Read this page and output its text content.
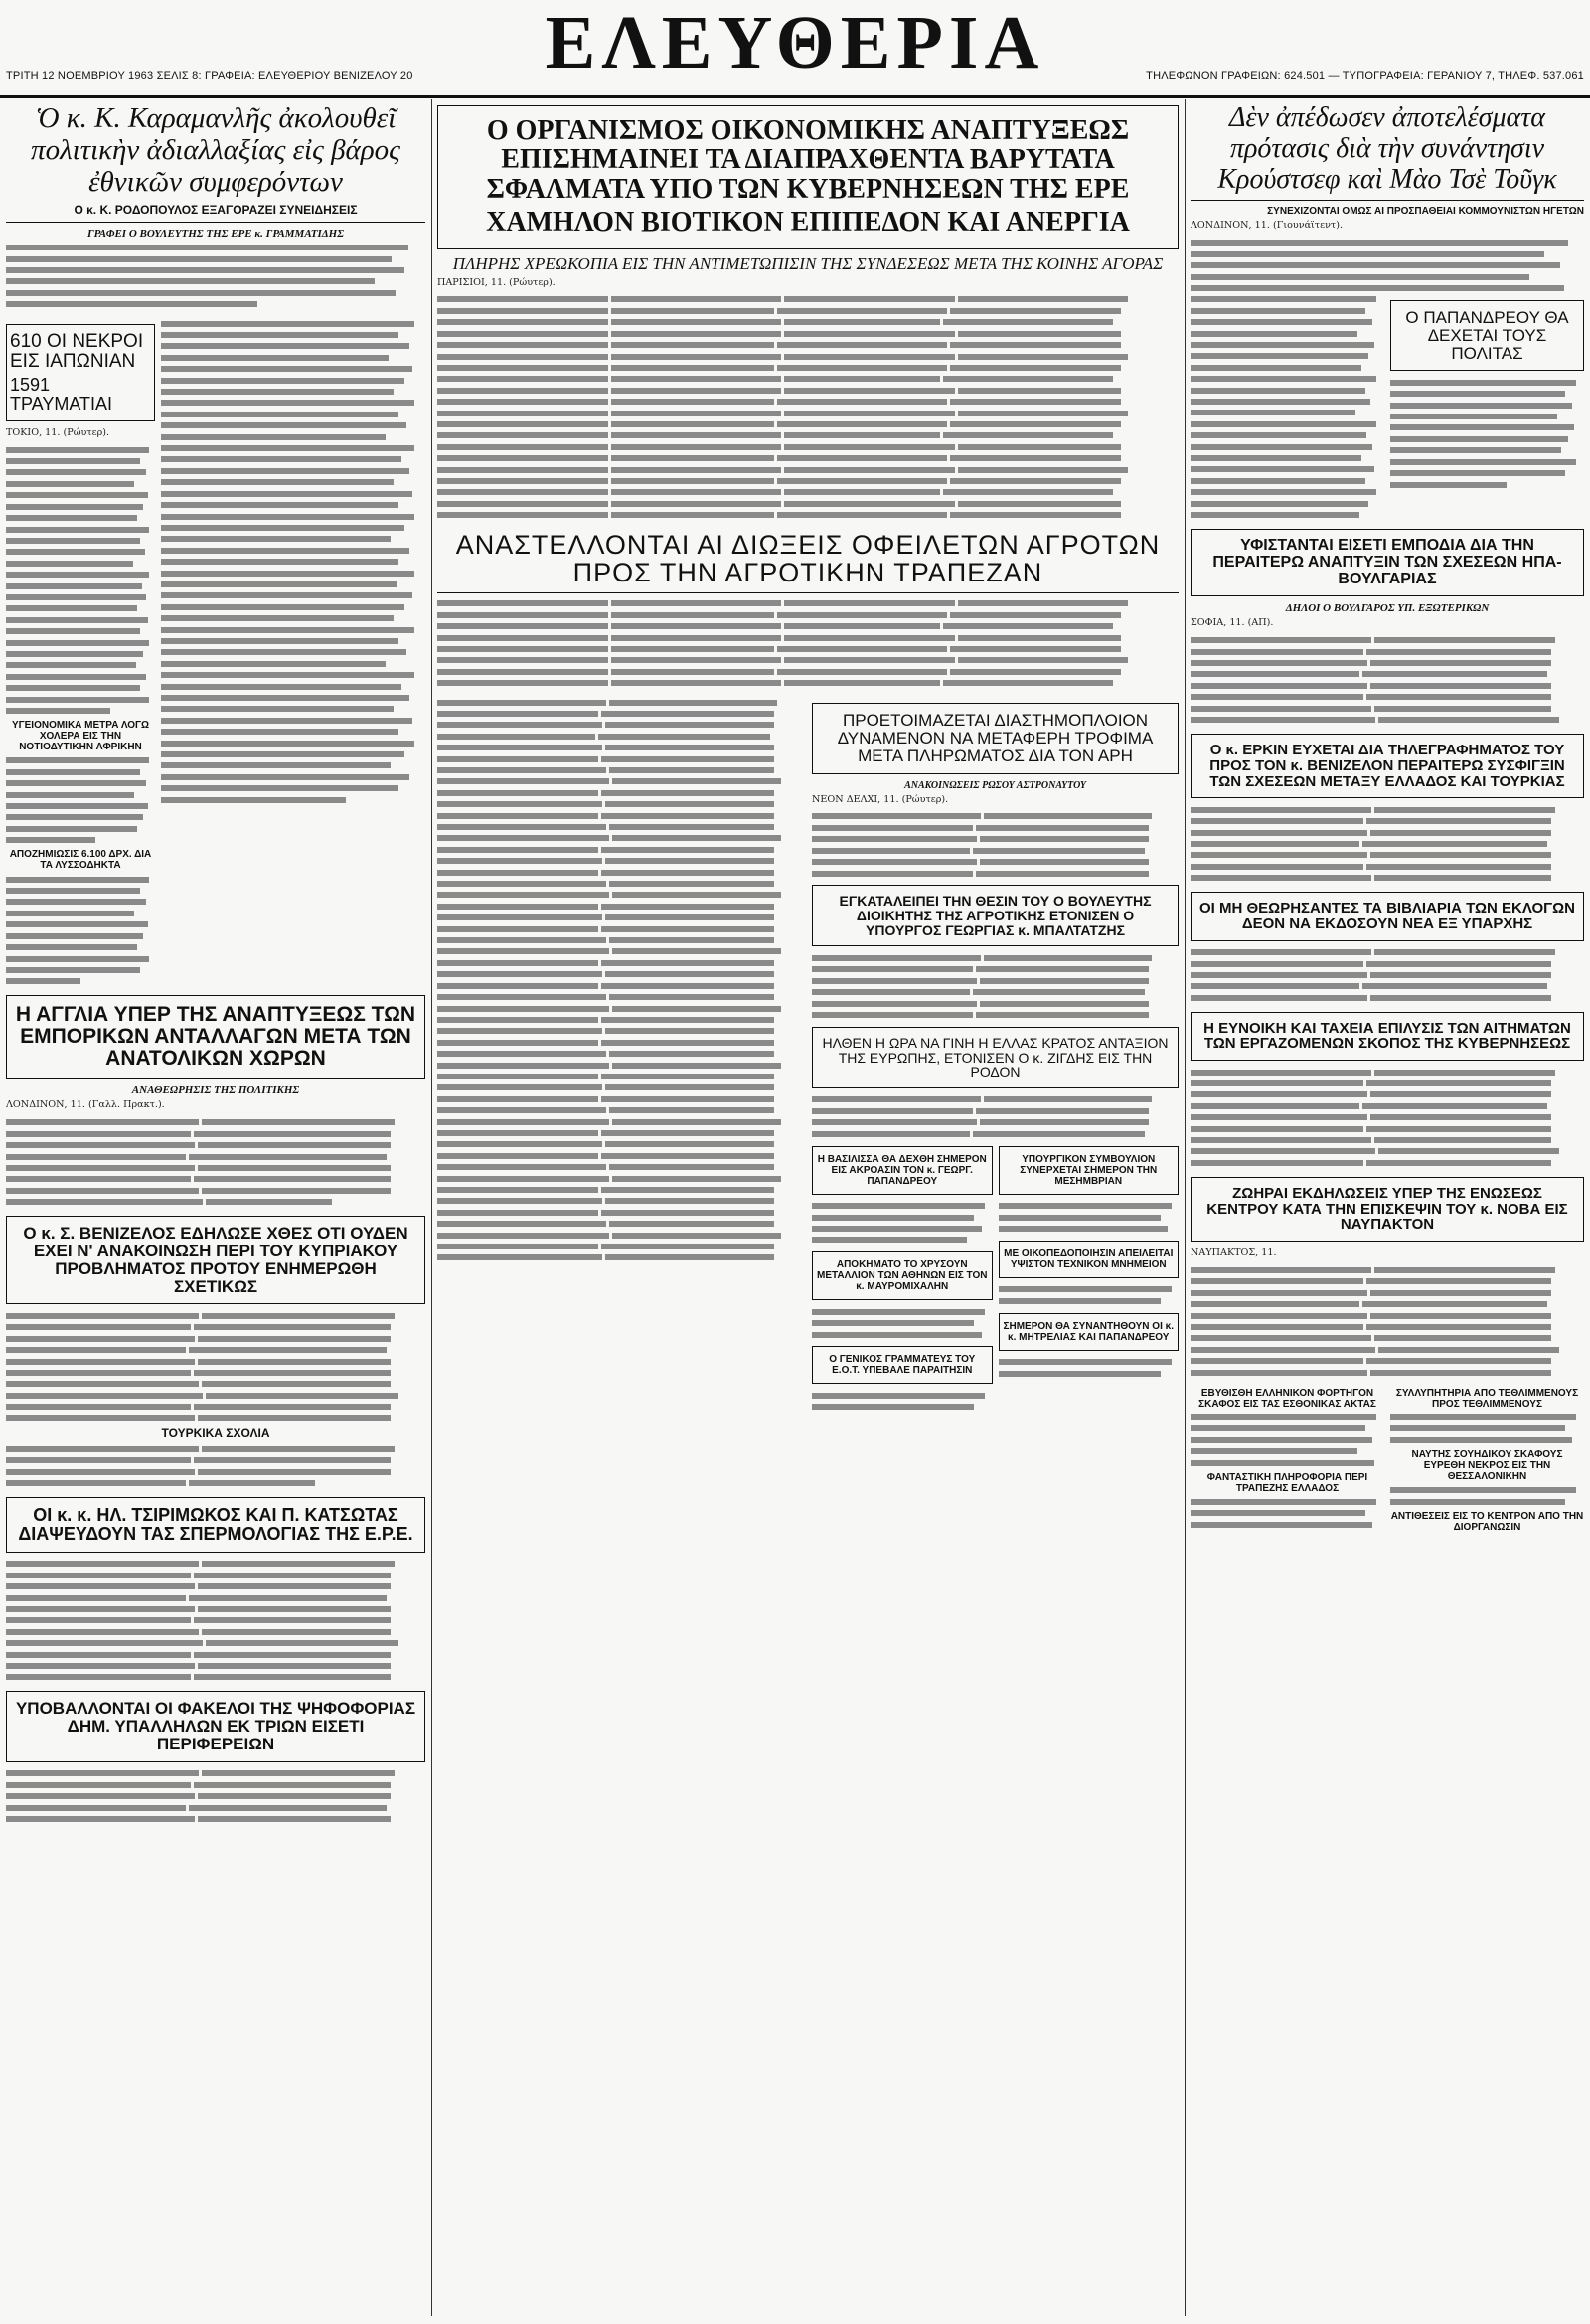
ΕΛΕΥΘΕΡΙΑ
ΤΡΙΤΗ 12 ΝΟΕΜΒΡΙΟΥ 1963 ΣΕΛΙΣ 8: ΓΡΑΦΕΙΑ: ΕΛΕΥΘΕΡΙΟΥ ΒΕΝΙΖΕΛΟΥ 20	ΤΗΛΕΦΩΝΟΝ ΓΡΑΦΕΙΩΝ: 624.501 — ΤΥΠΟΓΡΑΦΕΙΑ: ΓΕΡΑΝΙΟΥ 7, ΤΗΛΕΦ. 537.061
Ὁ κ. Κ. Καραμανλῆς ἀκολουθεῖ πολιτικὴν ἀδιαλλαξίας εἰς βάρος ἐθνικῶν συμφερόντων
Ο κ. Κ. ΡΟΔΟΠΟΥΛΟΣ ΕΞΑΓΟΡΑΖΕΙ ΣΥΝΕΙΔΗΣΕΙΣ
ΓΡΑΦΕΙ Ο ΒΟΥΛΕΥΤΗΣ ΤΗΣ ΕΡΕ κ. ΓΡΑΜΜΑΤΙΔΗΣ
610 ΟΙ ΝΕΚΡΟΙ ΕΙΣ ΙΑΠΩΝΙΑΝ
1591 ΤΡΑΥΜΑΤΙΑΙ
ΤΟΚΙΟ, 11. (Ρώυτερ).
ΥΓΕΙΟΝΟΜΙΚΑ ΜΕΤΡΑ ΛΟΓΩ ΧΟΛΕΡΑ ΕΙΣ ΤΗΝ ΝΟΤΙΟΔΥΤΙΚΗΝ ΑΦΡΙΚΗΝ
ΑΠΟΖΗΜΙΩΣΙΣ 6.100 ΔΡΧ. ΔΙΑ ΤΑ ΛΥΣΣΟΔΗΚΤΑ
Η ΑΓΓΛΙΑ ΥΠΕΡ ΤΗΣ ΑΝΑΠΤΥΞΕΩΣ ΤΩΝ ΕΜΠΟΡΙΚΩΝ ΑΝΤΑΛΛΑΓΩΝ ΜΕΤΑ ΤΩΝ ΑΝΑΤΟΛΙΚΩΝ ΧΩΡΩΝ
ΑΝΑΘΕΩΡΗΣΙΣ ΤΗΣ ΠΟΛΙΤΙΚΗΣ
ΛΟΝΔΙΝΟΝ, 11. (Γαλλ. Πρακτ.).
Ο κ. Σ. ΒΕΝΙΖΕΛΟΣ ΕΔΗΛΩΣΕ ΧΘΕΣ ΟΤΙ ΟΥΔΕΝ ΕΧΕΙ Ν' ΑΝΑΚΟΙΝΩΣΗ ΠΕΡΙ ΤΟΥ ΚΥΠΡΙΑΚΟΥ ΠΡΟΒΛΗΜΑΤΟΣ ΠΡΟΤΟΥ ΕΝΗΜΕΡΩΘΗ ΣΧΕΤΙΚΩΣ
ΤΟΥΡΚΙΚΑ ΣΧΟΛΙΑ
ΟΙ κ. κ. ΗΛ. ΤΣΙΡΙΜΩΚΟΣ ΚΑΙ Π. ΚΑΤΣΩΤΑΣ ΔΙΑΨΕΥΔΟΥΝ ΤΑΣ ΣΠΕΡΜΟΛΟΓΙΑΣ ΤΗΣ Ε.Ρ.Ε.
ΥΠΟΒΑΛΛΟΝΤΑΙ ΟΙ ΦΑΚΕΛΟΙ ΤΗΣ ΨΗΦΟΦΟΡΙΑΣ ΔΗΜ. ΥΠΑΛΛΗΛΩΝ ΕΚ ΤΡΙΩΝ ΕΙΣΕΤΙ ΠΕΡΙΦΕΡΕΙΩΝ
Ο ΟΡΓΑΝΙΣΜΟΣ ΟΙΚΟΝΟΜΙΚΗΣ ΑΝΑΠΤΥΞΕΩΣ ΕΠΙΣΗΜΑΙΝΕΙ ΤΑ ΔΙΑΠΡΑΧΘΕΝΤΑ ΒΑΡΥΤΑΤΑ ΣΦΑΛΜΑΤΑ ΥΠΟ ΤΩΝ ΚΥΒΕΡΝΗΣΕΩΝ ΤΗΣ ΕΡΕ
ΧΑΜΗΛΟΝ ΒΙΟΤΙΚΟΝ ΕΠΙΠΕΔΟΝ ΚΑΙ ΑΝΕΡΓΙΑ
ΠΛΗΡΗΣ ΧΡΕΩΚΟΠΙΑ ΕΙΣ ΤΗΝ ΑΝΤΙΜΕΤΩΠΙΣΙΝ ΤΗΣ ΣΥΝΔΕΣΕΩΣ ΜΕΤΑ ΤΗΣ ΚΟΙΝΗΣ ΑΓΟΡΑΣ
ΠΑΡΙΣΙΟΙ, 11. (Ρώυτερ).

ΑΝΑΣΤΕΛΛΟΝΤΑΙ ΑΙ ΔΙΩΞΕΙΣ ΟΦΕΙΛΕΤΩΝ ΑΓΡΟΤΩΝ ΠΡΟΣ ΤΗΝ ΑΓΡΟΤΙΚΗΝ ΤΡΑΠΕΖΑΝ

ΠΡΟΕΤΟΙΜΑΖΕΤΑΙ ΔΙΑΣΤΗΜΟΠΛΟΙΟΝ ΔΥΝΑΜΕΝΟΝ ΝΑ ΜΕΤΑΦΕΡΗ ΤΡΟΦΙΜΑ ΜΕΤΑ ΠΛΗΡΩΜΑΤΟΣ ΔΙΑ ΤΟΝ ΑΡΗ
ΑΝΑΚΟΙΝΩΣΕΙΣ ΡΩΣΟΥ ΑΣΤΡΟΝΑΥΤΟΥ
ΝΕΟΝ ΔΕΛΧΙ, 11. (Ρώυτερ).
ΕΓΚΑΤΑΛΕΙΠΕΙ ΤΗΝ ΘΕΣΙΝ ΤΟΥ Ο ΒΟΥΛΕΥΤΗΣ ΔΙΟΙΚΗΤΗΣ ΤΗΣ ΑΓΡΟΤΙΚΗΣ ΕΤΟΝΙΣΕΝ Ο ΥΠΟΥΡΓΟΣ ΓΕΩΡΓΙΑΣ κ. ΜΠΑΛΤΑΤΖΗΣ
ΗΛΘΕΝ Η ΩΡΑ ΝΑ ΓΙΝΗ Η ΕΛΛΑΣ ΚΡΑΤΟΣ ΑΝΤΑΞΙΟΝ ΤΗΣ ΕΥΡΩΠΗΣ, ΕΤΟΝΙΣΕΝ Ο κ. ΖΙΓΔΗΣ ΕΙΣ ΤΗΝ ΡΟΔΟΝ
Η ΒΑΣΙΛΙΣΣΑ ΘΑ ΔΕΧΘΗ ΣΗΜΕΡΟΝ ΕΙΣ ΑΚΡΟΑΣΙΝ ΤΟΝ κ. ΓΕΩΡΓ. ΠΑΠΑΝΔΡΕΟΥ
ΑΠΟΚΗΜΑΤΟ ΤΟ ΧΡΥΣΟΥΝ ΜΕΤΑΛΛΙΟΝ ΤΩΝ ΑΘΗΝΩΝ ΕΙΣ ΤΟΝ κ. ΜΑΥΡΟΜΙΧΑΛΗΝ
Ο ΓΕΝΙΚΟΣ ΓΡΑΜΜΑΤΕΥΣ ΤΟΥ Ε.Ο.Τ. ΥΠΕΒΑΛΕ ΠΑΡΑΙΤΗΣΙΝ
ΥΠΟΥΡΓΙΚΟΝ ΣΥΜΒΟΥΛΙΟΝ ΣΥΝΕΡΧΕΤΑΙ ΣΗΜΕΡΟΝ ΤΗΝ ΜΕΣΗΜΒΡΙΑΝ
ΜΕ ΟΙΚΟΠΕΔΟΠΟΙΗΣΙΝ ΑΠΕΙΛΕΙΤΑΙ ΥΨΙΣΤΟΝ ΤΕΧΝΙΚΟΝ ΜΝΗΜΕΙΟΝ
ΣΗΜΕΡΟΝ ΘΑ ΣΥΝΑΝΤΗΘΟΥΝ ΟΙ κ. κ. ΜΗΤΡΕΛΙΑΣ ΚΑΙ ΠΑΠΑΝΔΡΕΟΥ
Δὲν ἀπέδωσεν ἀποτελέσματα πρότασις διὰ τὴν συνάντησιν Κρούστσεφ καὶ Μὰο Τσὲ Τοῦγκ
ΣΥΝΕΧΙΖΟΝΤΑΙ ΟΜΩΣ ΑΙ ΠΡΟΣΠΑΘΕΙΑΙ ΚΟΜΜΟΥΝΙΣΤΩΝ ΗΓΕΤΩΝ
ΛΟΝΔΙΝΟΝ, 11. (Γιουνάϊτεντ).
Ο ΠΑΠΑΝΔΡΕΟΥ ΘΑ ΔΕΧΕΤΑΙ ΤΟΥΣ ΠΟΛΙΤΑΣ
ΥΦΙΣΤΑΝΤΑΙ ΕΙΣΕΤΙ ΕΜΠΟΔΙΑ ΔΙΑ ΤΗΝ ΠΕΡΑΙΤΕΡΩ ΑΝΑΠΤΥΞΙΝ ΤΩΝ ΣΧΕΣΕΩΝ ΗΠΑ-ΒΟΥΛΓΑΡΙΑΣ
ΔΗΛΟΙ Ο ΒΟΥΛΓΑΡΟΣ ΥΠ. ΕΞΩΤΕΡΙΚΩΝ
ΣΟΦΙΑ, 11. (ΑΠ).
Ο κ. ΕΡΚΙΝ ΕΥΧΕΤΑΙ ΔΙΑ ΤΗΛΕΓΡΑΦΗΜΑΤΟΣ ΤΟΥ ΠΡΟΣ ΤΟΝ κ. ΒΕΝΙΖΕΛΟΝ ΠΕΡΑΙΤΕΡΩ ΣΥΣΦΙΓΞΙΝ ΤΩΝ ΣΧΕΣΕΩΝ ΜΕΤΑΞΥ ΕΛΛΑΔΟΣ ΚΑΙ ΤΟΥΡΚΙΑΣ
ΟΙ ΜΗ ΘΕΩΡΗΣΑΝΤΕΣ ΤΑ ΒΙΒΛΙΑΡΙΑ ΤΩΝ ΕΚΛΟΓΩΝ ΔΕΟΝ ΝΑ ΕΚΔΟΣΟΥΝ ΝΕΑ ΕΞ ΥΠΑΡΧΗΣ
Η ΕΥΝΟΙΚΗ ΚΑΙ ΤΑΧΕΙΑ ΕΠΙΛΥΣΙΣ ΤΩΝ ΑΙΤΗΜΑΤΩΝ ΤΩΝ ΕΡΓΑΖΟΜΕΝΩΝ ΣΚΟΠΟΣ ΤΗΣ ΚΥΒΕΡΝΗΣΕΩΣ
ΖΩΗΡΑΙ ΕΚΔΗΛΩΣΕΙΣ ΥΠΕΡ ΤΗΣ ΕΝΩΣΕΩΣ ΚΕΝΤΡΟΥ ΚΑΤΑ ΤΗΝ ΕΠΙΣΚΕΨΙΝ ΤΟΥ κ. ΝΟΒΑ ΕΙΣ ΝΑΥΠΑΚΤΟΝ
ΝΑΥΠΑΚΤΟΣ, 11.
ΕΒΥΘΙΣΘΗ ΕΛΛΗΝΙΚΟΝ ΦΟΡΤΗΓΟΝ ΣΚΑΦΟΣ ΕΙΣ ΤΑΣ ΕΣΘΟΝΙΚΑΣ ΑΚΤΑΣ
ΦΑΝΤΑΣΤΙΚΗ ΠΛΗΡΟΦΟΡΙΑ ΠΕΡΙ ΤΡΑΠΕΖΗΣ ΕΛΛΑΔΟΣ
ΣΥΛΛΥΠΗΤΗΡΙΑ ΑΠΟ ΤΕΘΛΙΜΜΕΝΟΥΣ ΠΡΟΣ ΤΕΘΛΙΜΜΕΝΟΥΣ
ΝΑΥΤΗΣ ΣΟΥΗΔΙΚΟΥ ΣΚΑΦΟΥΣ ΕΥΡΕΘΗ ΝΕΚΡΟΣ ΕΙΣ ΤΗΝ ΘΕΣΣΑΛΟΝΙΚΗΝ
ΑΝΤΙΘΕΣΕΙΣ ΕΙΣ ΤΟ ΚΕΝΤΡΟΝ ΑΠΟ ΤΗΝ ΔΙΟΡΓΑΝΩΣΙΝ
